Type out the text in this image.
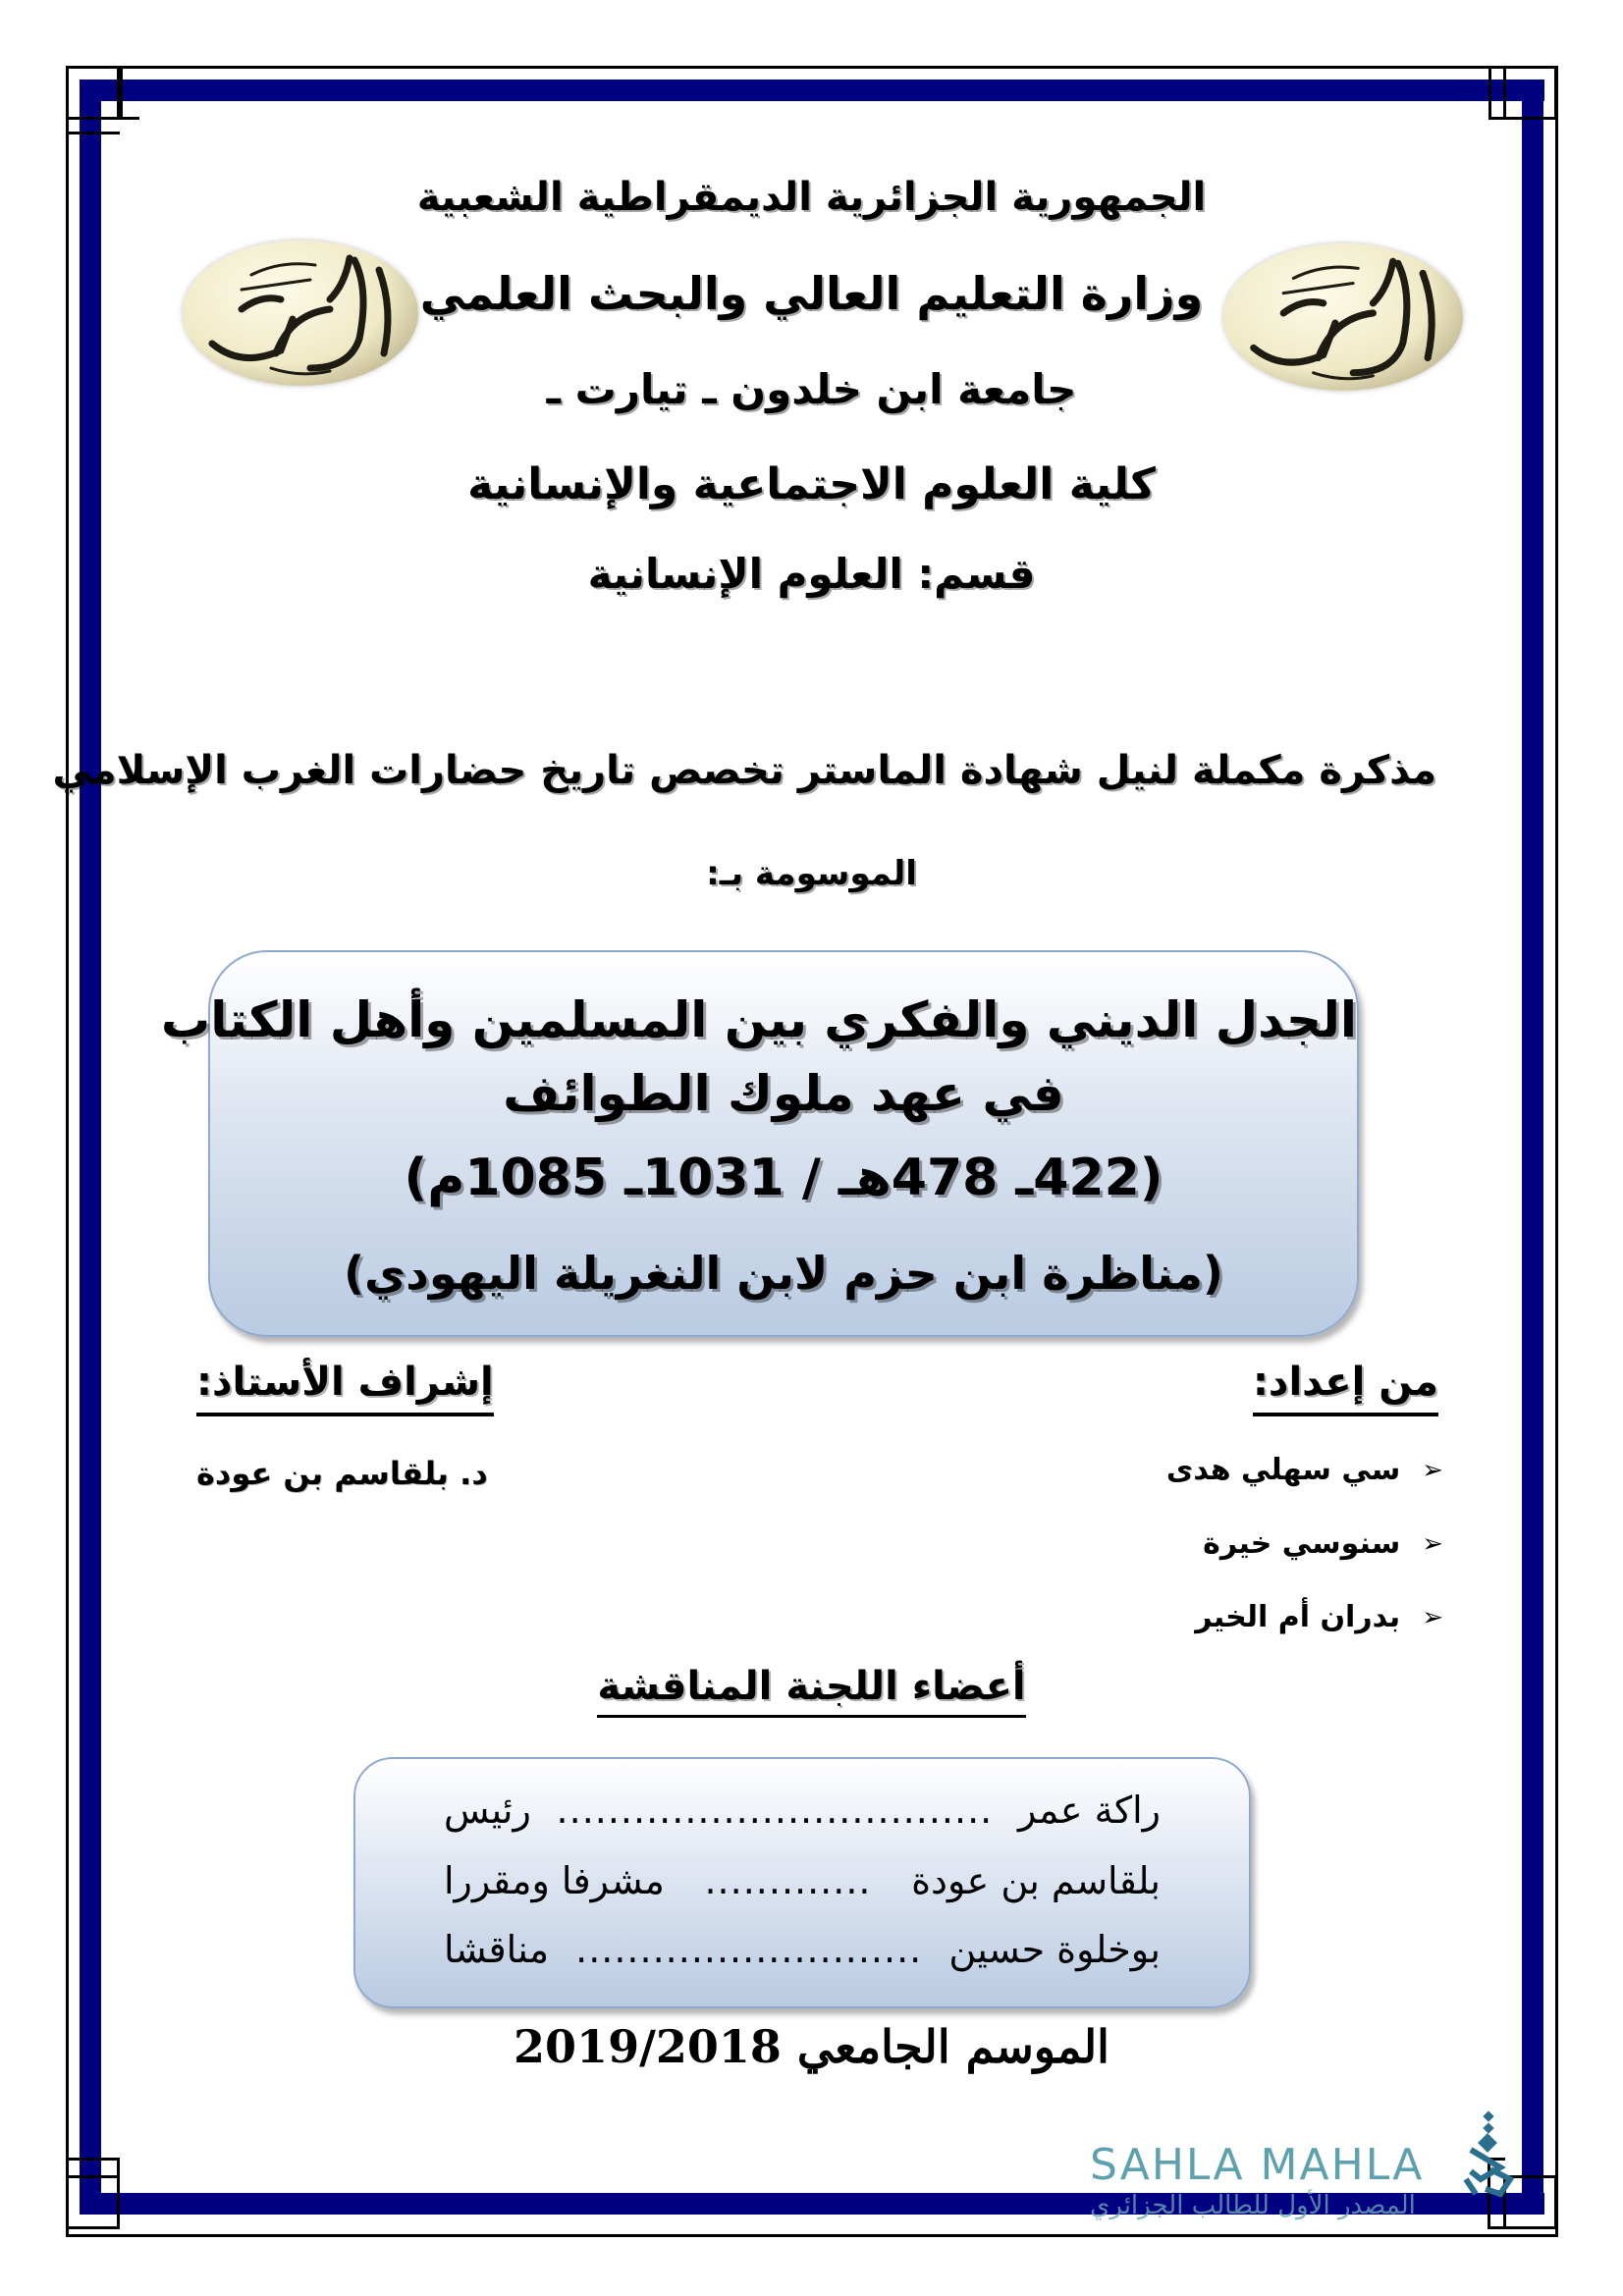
الجمهورية الجزائرية الديمقراطية الشعبية
وزارة التعليم العالي والبحث العلمي
جامعة ابن خلدون ـ تيارت ـ
كلية العلوم الاجتماعية والإنسانية
قسم: العلوم الإنسانية
مذكرة مكملة لنيل شهادة الماستر تخصص تاريخ حضارات الغرب الإسلامي
الموسومة بـ:
الجدل الديني والفكري بين المسلمين وأهل الكتاب
في عهد ملوك الطوائف
(422ـ 478هـ / 1031ـ 1085م)
(مناظرة ابن حزم لابن النغريلة اليهودي)
من إعداد:
➢
سي سهلي هدى
➢
سنوسي خيرة
➢
بدران أم الخير
إشراف الأستاذ:
د. بلقاسم بن عودة
أعضاء اللجنة المناقشة
راكة عمر
..................................
رئيس
بلقاسم بن عودة
.............
مشرفا ومقررا
بوخلوة حسين
...........................
مناقشا
الموسم الجامعي 2019/2018
SAHLA MAHLA
المصدر الأول للطالب الجزائري
